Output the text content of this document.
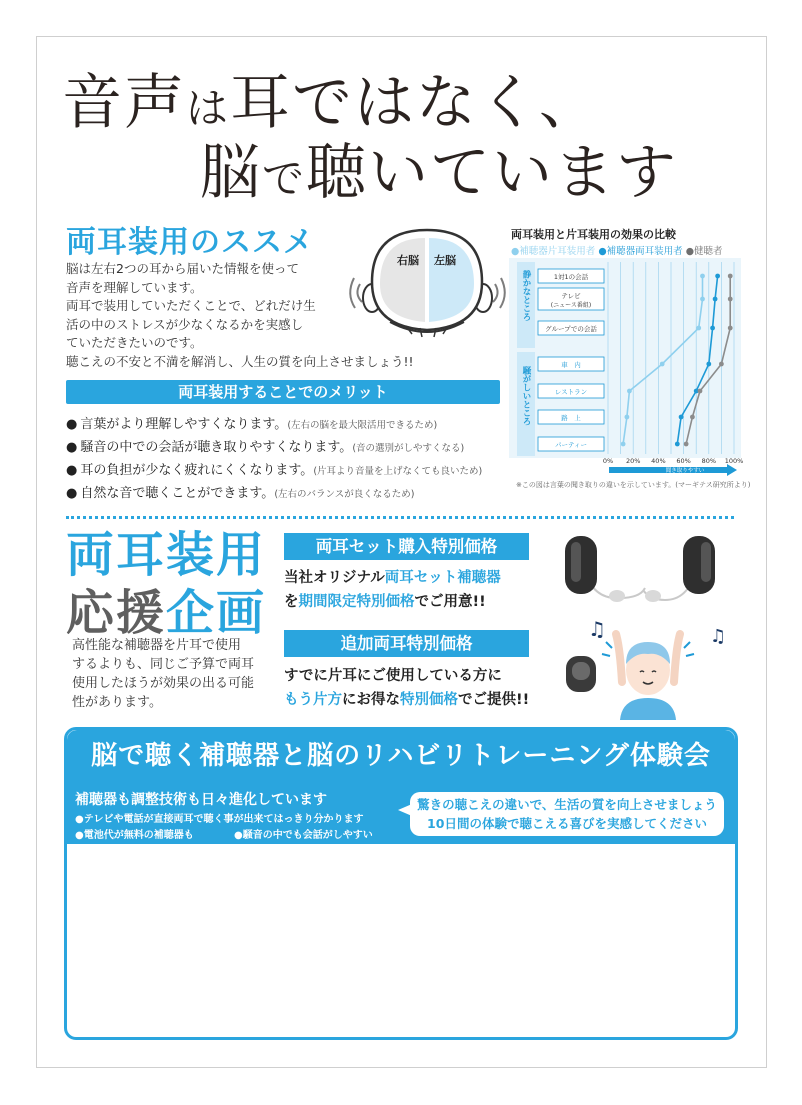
音声は耳ではなく、
脳で聴いています
両耳装用のススメ
脳は左右2つの耳から届いた情報を使って
音声を理解しています。
両耳で装用していただくことで、どれだけ生
活の中のストレスが少なくなるかを実感し
ていただきたいのです。
聴こえの不安と不満を解消し、人生の質を向上させましょう!!
右脳 左脳
両耳装用することでのメリット
● 言葉がより理解しやすくなります。(左右の脳を最大限活用できるため)
● 騒音の中での会話が聴き取りやすくなります。(音の選別がしやすくなる)
● 耳の負担が少なく疲れにくくなります。(片耳より音量を上げなくても良いため)
● 自然な音で聴くことができます。(左右のバランスが良くなるため)
両耳装用と片耳装用の効果の比較
●補聴器片耳装用者 ●補聴器両耳装用者 ●健聴者
静かなところ
騒がしいところ
0% 20% 40% 60% 80% 100%
聞き取りやすい
1対1の会話
テレビ
(ニュース番組)
グループでの会話
車　内
レストラン
路　上
パーティー
※この図は言葉の聞き取りの違いを示しています。(マーギテス研究所より)
両耳装用
応援企画
高性能な補聴器を片耳で使用
するよりも、同じご予算で両耳
使用したほうが効果の出る可能
性があります。
両耳セット購入特別価格
当社オリジナル両耳セット補聴器
を期間限定特別価格でご用意!!
追加両耳特別価格
すでに片耳にご使用している方に
もう片方にお得な特別価格でご提供!!
♫	♫
脳で聴く補聴器と脳のリハビリトレーニング体験会
補聴器も調整技術も日々進化しています
●テレビや電話が直接両耳で聴く事が出来てはっきり分かります
●電池代が無料の補聴器も	●騒音の中でも会話がしやすい
驚きの聴こえの違いで、生活の質を向上させましょう
10日間の体験で聴こえる喜びを実感してください
